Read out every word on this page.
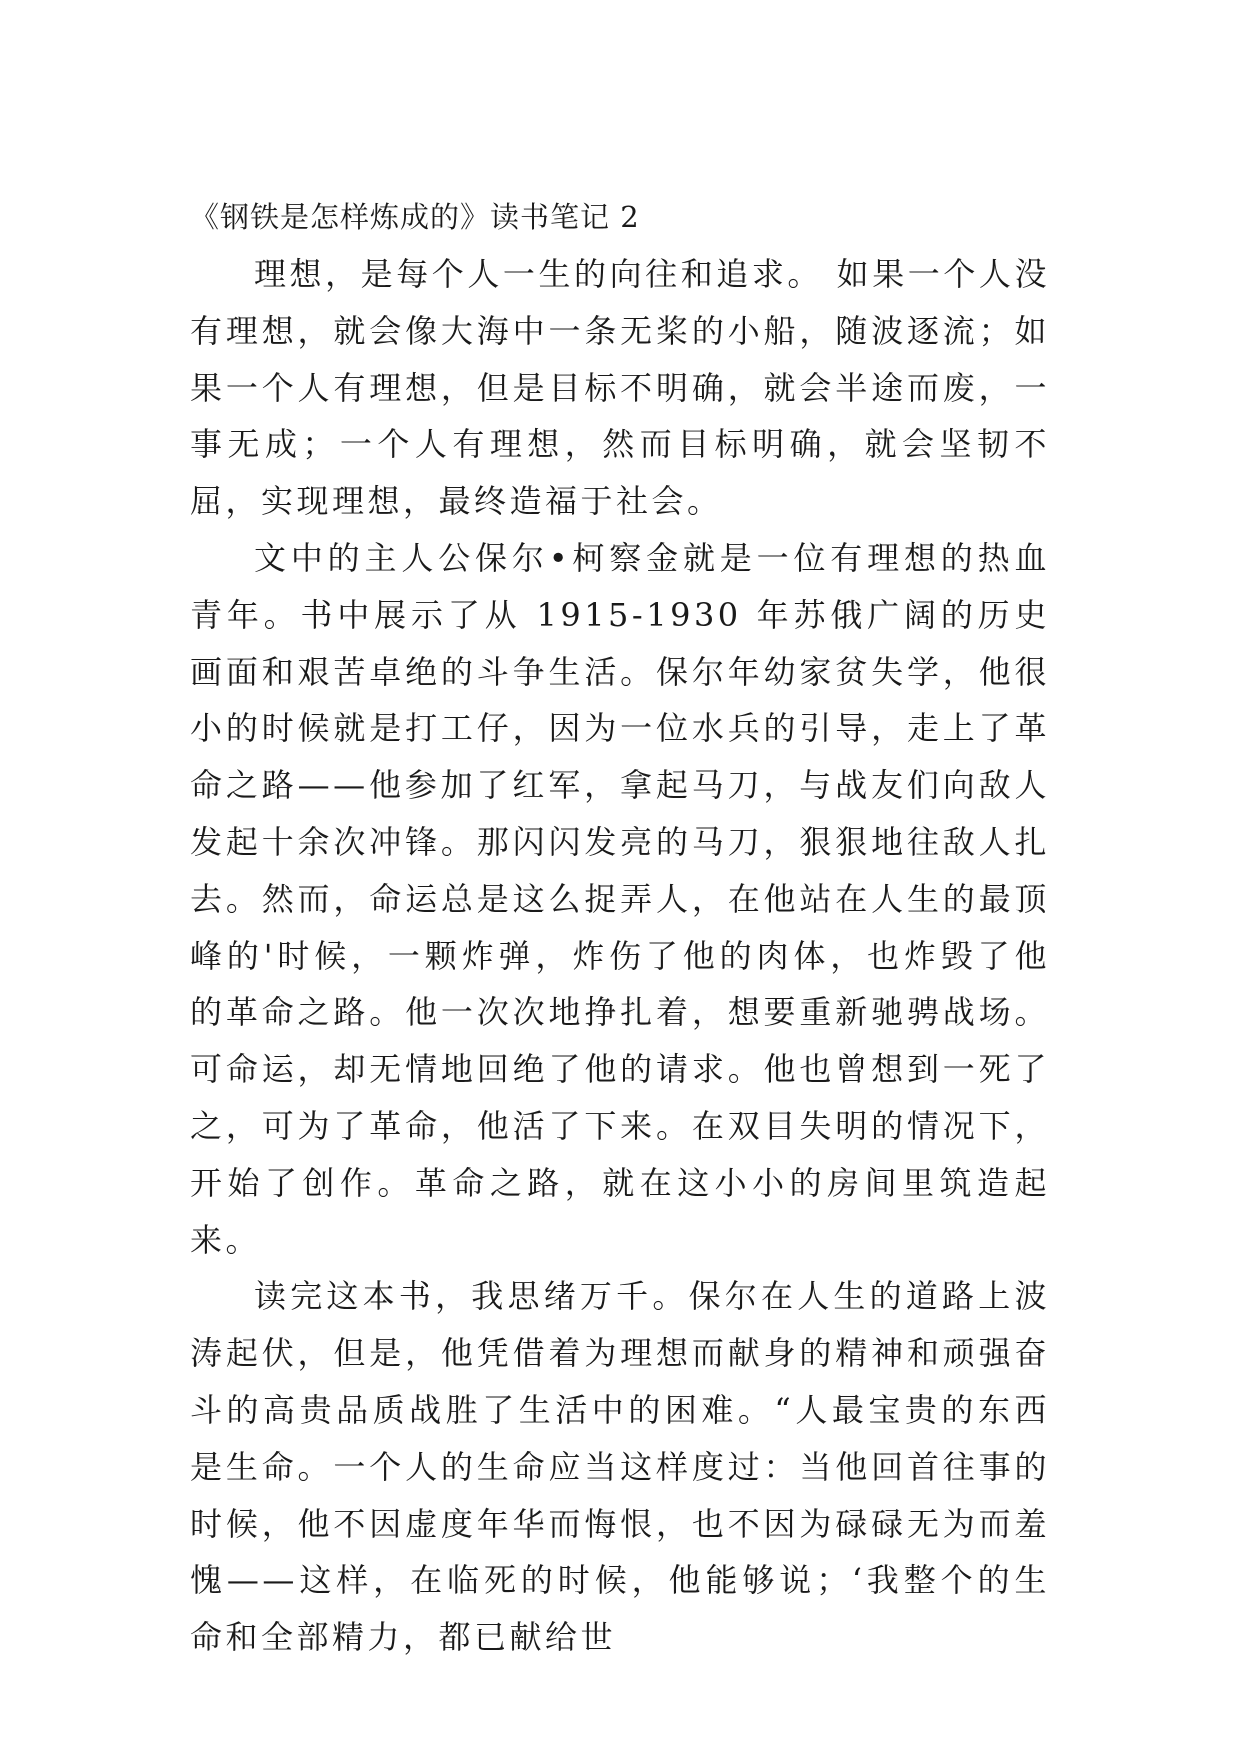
《钢铁是怎样炼成的》读书笔记 2

理想，是每个人一生的向往和追求。 如果一个人没有理想，就会像大海中一条无桨的小船，随波逐流；如果一个人有理想，但是目标不明确，就会半途而废，一事无成；一个人有理想，然而目标明确，就会坚韧不屈，实现理想，最终造福于社会。

文中的主人公保尔•柯察金就是一位有理想的热血青年。书中展示了从 1915-1930 年苏俄广阔的历史画面和艰苦卓绝的斗争生活。保尔年幼家贫失学，他很小的时候就是打工仔，因为一位水兵的引导，走上了革命之路——他参加了红军，拿起马刀，与战友们向敌人发起十余次冲锋。那闪闪发亮的马刀，狠狠地往敌人扎去。然而，命运总是这么捉弄人，在他站在人生的最顶峰的'时候，一颗炸弹，炸伤了他的肉体，也炸毁了他的革命之路。他一次次地挣扎着，想要重新驰骋战场。可命运，却无情地回绝了他的请求。他也曾想到一死了之，可为了革命，他活了下来。在双目失明的情况下，开始了创作。革命之路，就在这小小的房间里筑造起来。

读完这本书，我思绪万千。保尔在人生的道路上波涛起伏，但是，他凭借着为理想而献身的精神和顽强奋斗的高贵品质战胜了生活中的困难。“人最宝贵的东西是生命。一个人的生命应当这样度过：当他回首往事的时候，他不因虚度年华而悔恨，也不因为碌碌无为而羞愧——这样，在临死的时候，他能够说；‘我整个的生命和全部精力，都已献给世
